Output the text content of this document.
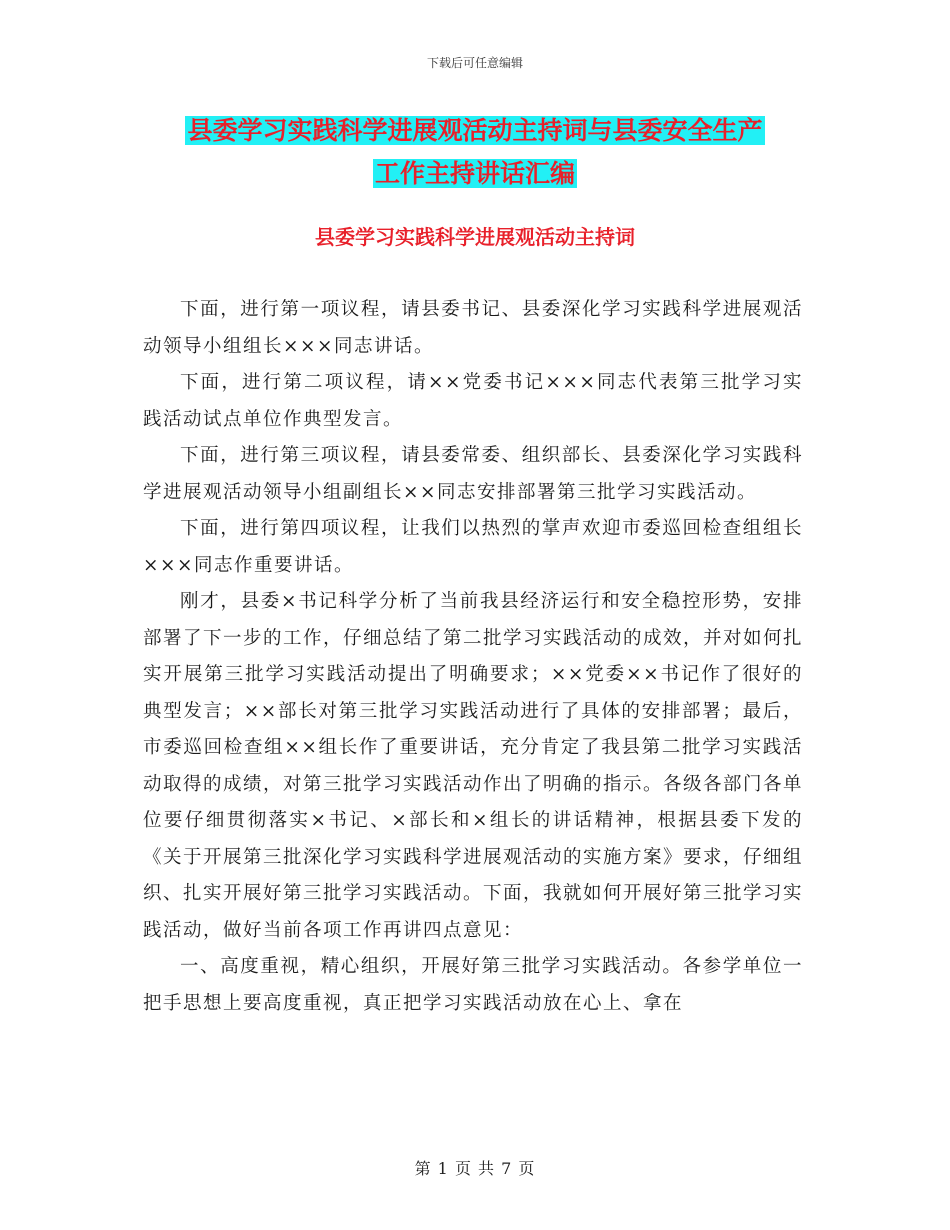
下载后可任意编辑
县委学习实践科学进展观活动主持词与县委安全生产
工作主持讲话汇编
县委学习实践科学进展观活动主持词

下面，进行第一项议程，请县委书记、县委深化学习实践科学进展观活动领导小组组长×××同志讲话。

下面，进行第二项议程，请××党委书记×××同志代表第三批学习实践活动试点单位作典型发言。

下面，进行第三项议程，请县委常委、组织部长、县委深化学习实践科学进展观活动领导小组副组长××同志安排部署第三批学习实践活动。

下面，进行第四项议程，让我们以热烈的掌声欢迎市委巡回检查组组长×××同志作重要讲话。

刚才，县委×书记科学分析了当前我县经济运行和安全稳控形势，安排部署了下一步的工作，仔细总结了第二批学习实践活动的成效，并对如何扎实开展第三批学习实践活动提出了明确要求；××党委××书记作了很好的典型发言；××部长对第三批学习实践活动进行了具体的安排部署；最后，市委巡回检查组××组长作了重要讲话，充分肯定了我县第二批学习实践活动取得的成绩，对第三批学习实践活动作出了明确的指示。各级各部门各单位要仔细贯彻落实×书记、×部长和×组长的讲话精神，根据县委下发的《关于开展第三批深化学习实践科学进展观活动的实施方案》要求，仔细组织、扎实开展好第三批学习实践活动。下面，我就如何开展好第三批学习实践活动，做好当前各项工作再讲四点意见：

一、高度重视，精心组织，开展好第三批学习实践活动。各参学单位一把手思想上要高度重视，真正把学习实践活动放在心上、拿在

第 1 页 共 7 页
